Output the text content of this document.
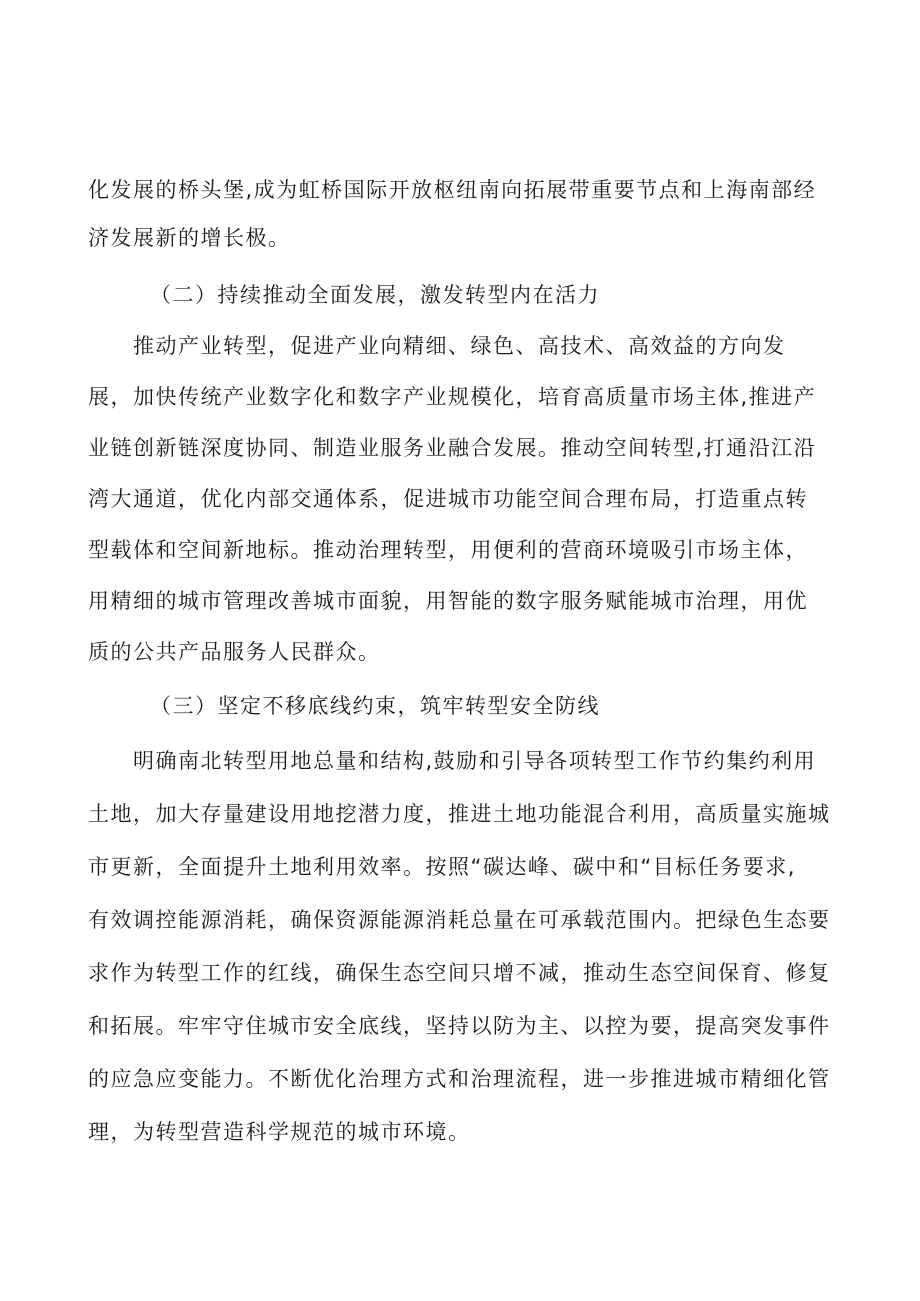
化发展的桥头堡,成为虹桥国际开放枢纽南向拓展带重要节点和上海南部经
济发展新的增长极。
（二）持续推动全面发展，激发转型内在活力
推动产业转型，促进产业向精细、绿色、高技术、高效益的方向发
展，加快传统产业数字化和数字产业规模化，培育高质量市场主体,推进产
业链创新链深度协同、制造业服务业融合发展。推动空间转型,打通沿江沿
湾大通道，优化内部交通体系，促进城市功能空间合理布局，打造重点转
型载体和空间新地标。推动治理转型，用便利的营商环境吸引市场主体，
用精细的城市管理改善城市面貌，用智能的数字服务赋能城市治理，用优
质的公共产品服务人民群众。
（三）坚定不移底线约束，筑牢转型安全防线
明确南北转型用地总量和结构,鼓励和引导各项转型工作节约集约利用
土地，加大存量建设用地挖潜力度，推进土地功能混合利用，高质量实施城
市更新，全面提升土地利用效率。按照“碳达峰、碳中和“目标任务要求,
有效调控能源消耗，确保资源能源消耗总量在可承载范围内。把绿色生态要
求作为转型工作的红线，确保生态空间只增不减，推动生态空间保育、修复
和拓展。牢牢守住城市安全底线，坚持以防为主、以控为要，提高突发事件
的应急应变能力。不断优化治理方式和治理流程，进一步推进城市精细化管
理，为转型营造科学规范的城市环境。
